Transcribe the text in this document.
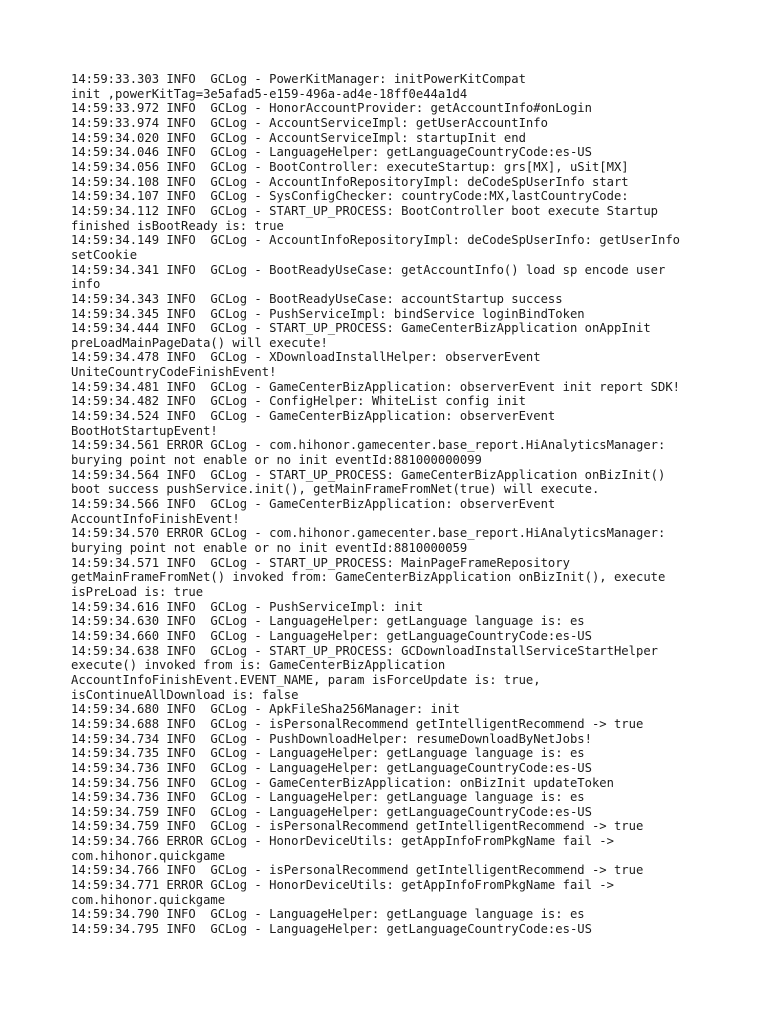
14:59:33.303 INFO  GCLog - PowerKitManager: initPowerKitCompat
init ,powerKitTag=3e5afad5-e159-496a-ad4e-18ff0e44a1d4
14:59:33.972 INFO  GCLog - HonorAccountProvider: getAccountInfo#onLogin
14:59:33.974 INFO  GCLog - AccountServiceImpl: getUserAccountInfo
14:59:34.020 INFO  GCLog - AccountServiceImpl: startupInit end
14:59:34.046 INFO  GCLog - LanguageHelper: getLanguageCountryCode:es-US
14:59:34.056 INFO  GCLog - BootController: executeStartup: grs[MX], uSit[MX]
14:59:34.108 INFO  GCLog - AccountInfoRepositoryImpl: deCodeSpUserInfo start
14:59:34.107 INFO  GCLog - SysConfigChecker: countryCode:MX,lastCountryCode:
14:59:34.112 INFO  GCLog - START_UP_PROCESS: BootController boot execute Startup
finished isBootReady is: true
14:59:34.149 INFO  GCLog - AccountInfoRepositoryImpl: deCodeSpUserInfo: getUserInfo
setCookie
14:59:34.341 INFO  GCLog - BootReadyUseCase: getAccountInfo() load sp encode user
info
14:59:34.343 INFO  GCLog - BootReadyUseCase: accountStartup success
14:59:34.345 INFO  GCLog - PushServiceImpl: bindService loginBindToken
14:59:34.444 INFO  GCLog - START_UP_PROCESS: GameCenterBizApplication onAppInit
preLoadMainPageData() will execute!
14:59:34.478 INFO  GCLog - XDownloadInstallHelper: observerEvent
UniteCountryCodeFinishEvent!
14:59:34.481 INFO  GCLog - GameCenterBizApplication: observerEvent init report SDK!
14:59:34.482 INFO  GCLog - ConfigHelper: WhiteList config init
14:59:34.524 INFO  GCLog - GameCenterBizApplication: observerEvent
BootHotStartupEvent!
14:59:34.561 ERROR GCLog - com.hihonor.gamecenter.base_report.HiAnalyticsManager:
burying point not enable or no init eventId:881000000099
14:59:34.564 INFO  GCLog - START_UP_PROCESS: GameCenterBizApplication onBizInit()
boot success pushService.init(), getMainFrameFromNet(true) will execute.
14:59:34.566 INFO  GCLog - GameCenterBizApplication: observerEvent
AccountInfoFinishEvent!
14:59:34.570 ERROR GCLog - com.hihonor.gamecenter.base_report.HiAnalyticsManager:
burying point not enable or no init eventId:8810000059
14:59:34.571 INFO  GCLog - START_UP_PROCESS: MainPageFrameRepository
getMainFrameFromNet() invoked from: GameCenterBizApplication onBizInit(), execute
isPreLoad is: true
14:59:34.616 INFO  GCLog - PushServiceImpl: init
14:59:34.630 INFO  GCLog - LanguageHelper: getLanguage language is: es
14:59:34.660 INFO  GCLog - LanguageHelper: getLanguageCountryCode:es-US
14:59:34.638 INFO  GCLog - START_UP_PROCESS: GCDownloadInstallServiceStartHelper
execute() invoked from is: GameCenterBizApplication
AccountInfoFinishEvent.EVENT_NAME, param isForceUpdate is: true,
isContinueAllDownload is: false
14:59:34.680 INFO  GCLog - ApkFileSha256Manager: init
14:59:34.688 INFO  GCLog - isPersonalRecommend getIntelligentRecommend -> true
14:59:34.734 INFO  GCLog - PushDownloadHelper: resumeDownloadByNetJobs!
14:59:34.735 INFO  GCLog - LanguageHelper: getLanguage language is: es
14:59:34.736 INFO  GCLog - LanguageHelper: getLanguageCountryCode:es-US
14:59:34.756 INFO  GCLog - GameCenterBizApplication: onBizInit updateToken
14:59:34.736 INFO  GCLog - LanguageHelper: getLanguage language is: es
14:59:34.759 INFO  GCLog - LanguageHelper: getLanguageCountryCode:es-US
14:59:34.759 INFO  GCLog - isPersonalRecommend getIntelligentRecommend -> true
14:59:34.766 ERROR GCLog - HonorDeviceUtils: getAppInfoFromPkgName fail ->
com.hihonor.quickgame
14:59:34.766 INFO  GCLog - isPersonalRecommend getIntelligentRecommend -> true
14:59:34.771 ERROR GCLog - HonorDeviceUtils: getAppInfoFromPkgName fail ->
com.hihonor.quickgame
14:59:34.790 INFO  GCLog - LanguageHelper: getLanguage language is: es
14:59:34.795 INFO  GCLog - LanguageHelper: getLanguageCountryCode:es-US
